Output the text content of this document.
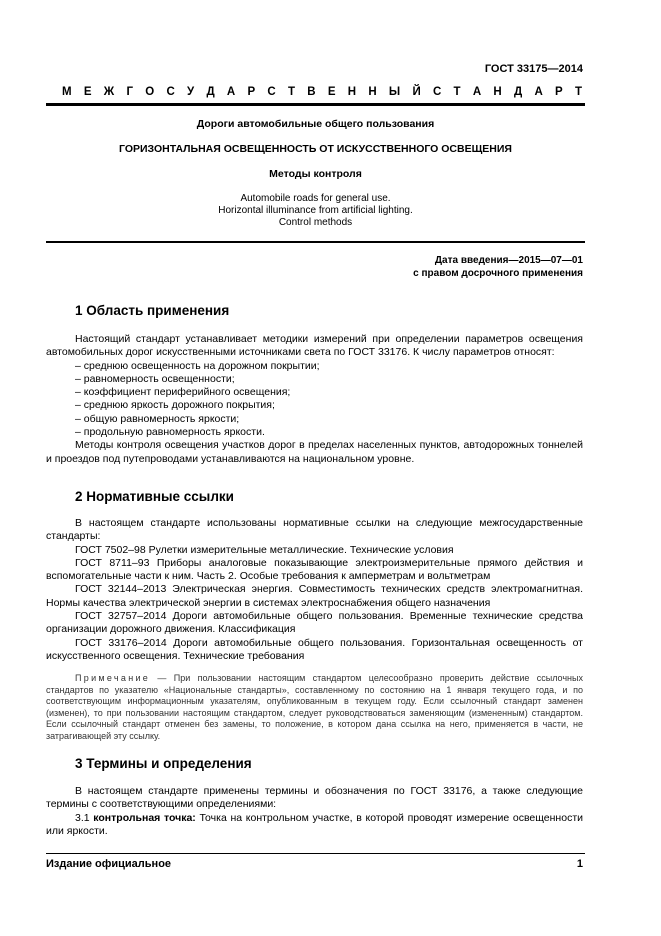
ГОСТ 33175—2014
М Е Ж Г О С У Д А Р С Т В Е Н Н Ы Й С Т А Н Д А Р Т
Дороги автомобильные общего пользования
ГОРИЗОНТАЛЬНАЯ ОСВЕЩЕННОСТЬ ОТ ИСКУССТВЕННОГО ОСВЕЩЕНИЯ
Методы контроля
Automobile roads for general use.
Horizontal illuminance from artificial lighting.
Control methods
Дата введения—2015—07—01
с правом досрочного применения
1 Область применения

Настоящий стандарт устанавливает методики измерений при определении параметров освещения автомобильных дорог искусственными источниками света по ГОСТ 33176. К числу параметров относят:

– среднюю освещенность на дорожном покрытии;

– равномерность освещенности;

– коэффициент периферийного освещения;

– среднюю яркость дорожного покрытия;

– общую равномерность яркости;

– продольную равномерность яркости.

Методы контроля освещения участков дорог в пределах населенных пунктов, автодорожных тоннелей и проездов под путепроводами устанавливаются на национальном уровне.

2 Нормативные ссылки

В настоящем стандарте использованы нормативные ссылки на следующие межгосударственные стандарты:

ГОСТ 7502–98 Рулетки измерительные металлические. Технические условия

ГОСТ 8711–93 Приборы аналоговые показывающие электроизмерительные прямого действия и вспомогательные части к ним. Часть 2. Особые требования к амперметрам и вольтметрам

ГОСТ 32144–2013 Электрическая энергия. Совместимость технических средств электромагнитная. Нормы качества электрической энергии в системах электроснабжения общего назначения

ГОСТ 32757–2014 Дороги автомобильные общего пользования. Временные технические средства организации дорожного движения. Классификация

ГОСТ 33176–2014 Дороги автомобильные общего пользования. Горизонтальная освещенность от искусственного освещения. Технические требования

Примечание — При пользовании настоящим стандартом целесообразно проверить действие ссылочных стандартов по указателю «Национальные стандарты», составленному по состоянию на 1 января текущего года, и по соответствующим информационным указателям, опубликованным в текущем году. Если ссылочный стандарт заменен (изменен), то при пользовании настоящим стандартом, следует руководствоваться заменяющим (измененным) стандартом. Если ссылочный стандарт отменен без замены, то положение, в котором дана ссылка на него, применяется в части, не затрагивающей эту ссылку.

3 Термины и определения

В настоящем стандарте применены термины и обозначения по ГОСТ 33176, а также следующие термины с соответствующими определениями:

3.1 контрольная точка: Точка на контрольном участке, в которой проводят измерение освещенности или яркости.

Издание официальное	1
